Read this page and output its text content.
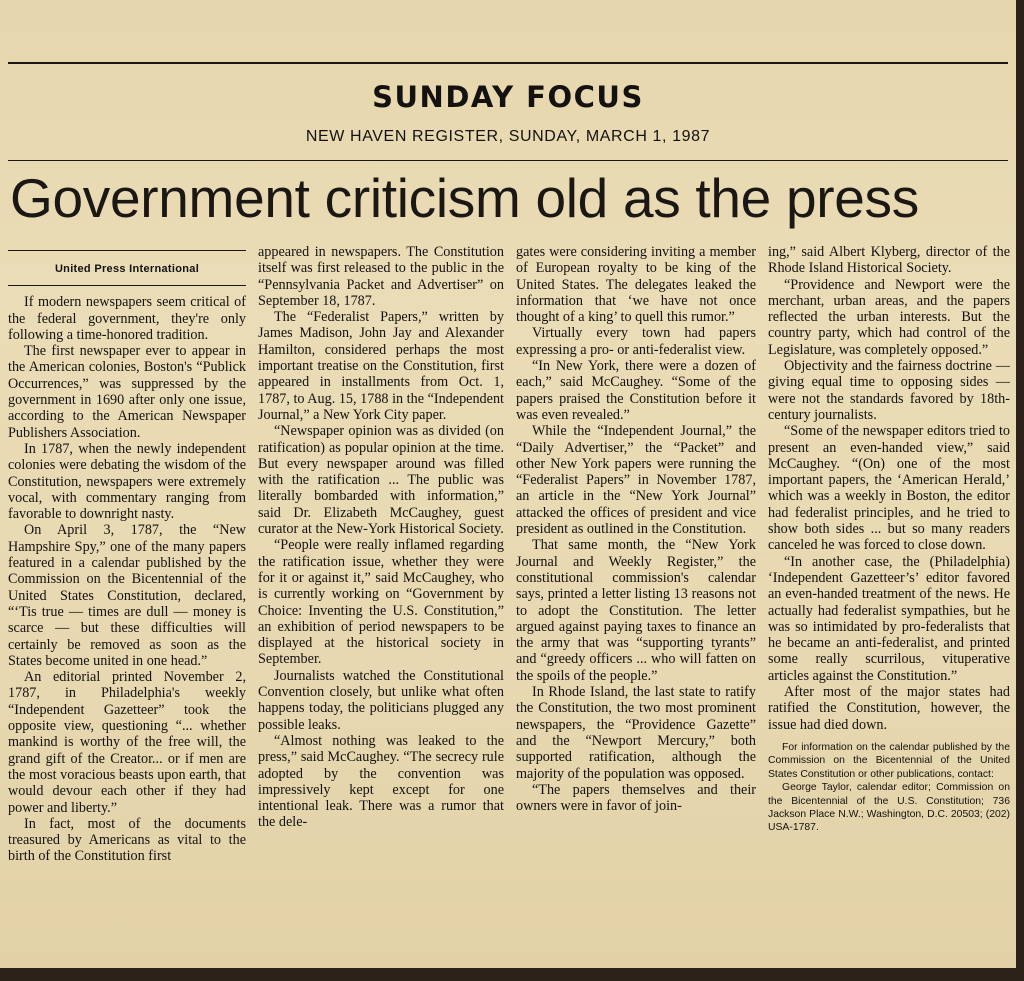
SUNDAY FOCUS
NEW HAVEN REGISTER, SUNDAY, MARCH 1, 1987
Government criticism old as the press
United Press International

If modern newspapers seem critical of the federal government, they're only following a time-honored tradition.

The first newspaper ever to appear in the American colonies, Boston's “Publick Occurrences,” was suppressed by the government in 1690 after only one issue, according to the American Newspaper Publishers Association.

In 1787, when the newly independent colonies were debating the wisdom of the Constitution, newspapers were extremely vocal, with commentary ranging from favorable to downright nasty.

On April 3, 1787, the “New Hampshire Spy,” one of the many papers featured in a calendar published by the Commission on the Bicentennial of the United States Constitution, declared, “‘Tis true — times are dull — money is scarce — but these difficulties will certainly be removed as soon as the States become united in one head.”

An editorial printed November 2, 1787, in Philadelphia's weekly “Independent Gazetteer” took the opposite view, questioning “... whether mankind is worthy of the free will, the grand gift of the Creator... or if men are the most voracious beasts upon earth, that would devour each other if they had power and liberty.”

In fact, most of the documents treasured by Americans as vital to the birth of the Constitution first

appeared in newspapers. The Constitution itself was first released to the public in the “Pennsylvania Packet and Advertiser” on September 18, 1787.

The “Federalist Papers,” written by James Madison, John Jay and Alexander Hamilton, considered perhaps the most important treatise on the Constitution, first appeared in installments from Oct. 1, 1787, to Aug. 15, 1788 in the “Independent Journal,” a New York City paper.

“Newspaper opinion was as divided (on ratification) as popular opinion at the time. But every newspaper around was filled with the ratification ... The public was literally bombarded with information,” said Dr. Elizabeth McCaughey, guest curator at the New-York Historical Society.

“People were really inflamed regarding the ratification issue, whether they were for it or against it,” said McCaughey, who is currently working on “Government by Choice: Inventing the U.S. Constitution,” an exhibition of period newspapers to be displayed at the historical society in September.

Journalists watched the Constitutional Convention closely, but unlike what often happens today, the politicians plugged any possible leaks.

“Almost nothing was leaked to the press,” said McCaughey. “The secrecy rule adopted by the convention was impressively kept except for one intentional leak. There was a rumor that the dele-

gates were considering inviting a member of European royalty to be king of the United States. The delegates leaked the information that ‘we have not once thought of a king’ to quell this rumor.”

Virtually every town had papers expressing a pro- or anti-federalist view.

“In New York, there were a dozen of each,” said McCaughey. “Some of the papers praised the Constitution before it was even revealed.”

While the “Independent Journal,” the “Daily Advertiser,” the “Packet” and other New York papers were running the “Federalist Papers” in November 1787, an article in the “New York Journal” attacked the offices of president and vice president as outlined in the Constitution.

That same month, the “New York Journal and Weekly Register,” the constitutional commission's calendar says, printed a letter listing 13 reasons not to adopt the Constitution. The letter argued against paying taxes to finance an the army that was “supporting tyrants” and “greedy officers ... who will fatten on the spoils of the people.”

In Rhode Island, the last state to ratify the Constitution, the two most prominent newspapers, the “Providence Gazette” and the “Newport Mercury,” both supported ratification, although the majority of the population was opposed.

“The papers themselves and their owners were in favor of join-

ing,” said Albert Klyberg, director of the Rhode Island Historical Society.

“Providence and Newport were the merchant, urban areas, and the papers reflected the urban interests. But the country party, which had control of the Legislature, was completely opposed.”

Objectivity and the fairness doctrine — giving equal time to opposing sides — were not the standards favored by 18th-century journalists.

“Some of the newspaper editors tried to present an even-handed view,” said McCaughey. “(On) one of the most important papers, the ‘American Herald,’ which was a weekly in Boston, the editor had federalist principles, and he tried to show both sides ... but so many readers canceled he was forced to close down.

“In another case, the (Philadelphia) ‘Independent Gazetteer’s’ editor favored an even-handed treatment of the news. He actually had federalist sympathies, but he was so intimidated by pro-federalists that he became an anti-federalist, and printed some really scurrilous, vituperative articles against the Constitution.”

After most of the major states had ratified the Constitution, however, the issue had died down.

For information on the calendar published by the Commission on the Bicentennial of the United States Constitution or other publications, contact:

George Taylor, calendar editor; Commission on the Bicentennial of the U.S. Constitution; 736 Jackson Place N.W.; Washington, D.C. 20503; (202) USA-1787.
